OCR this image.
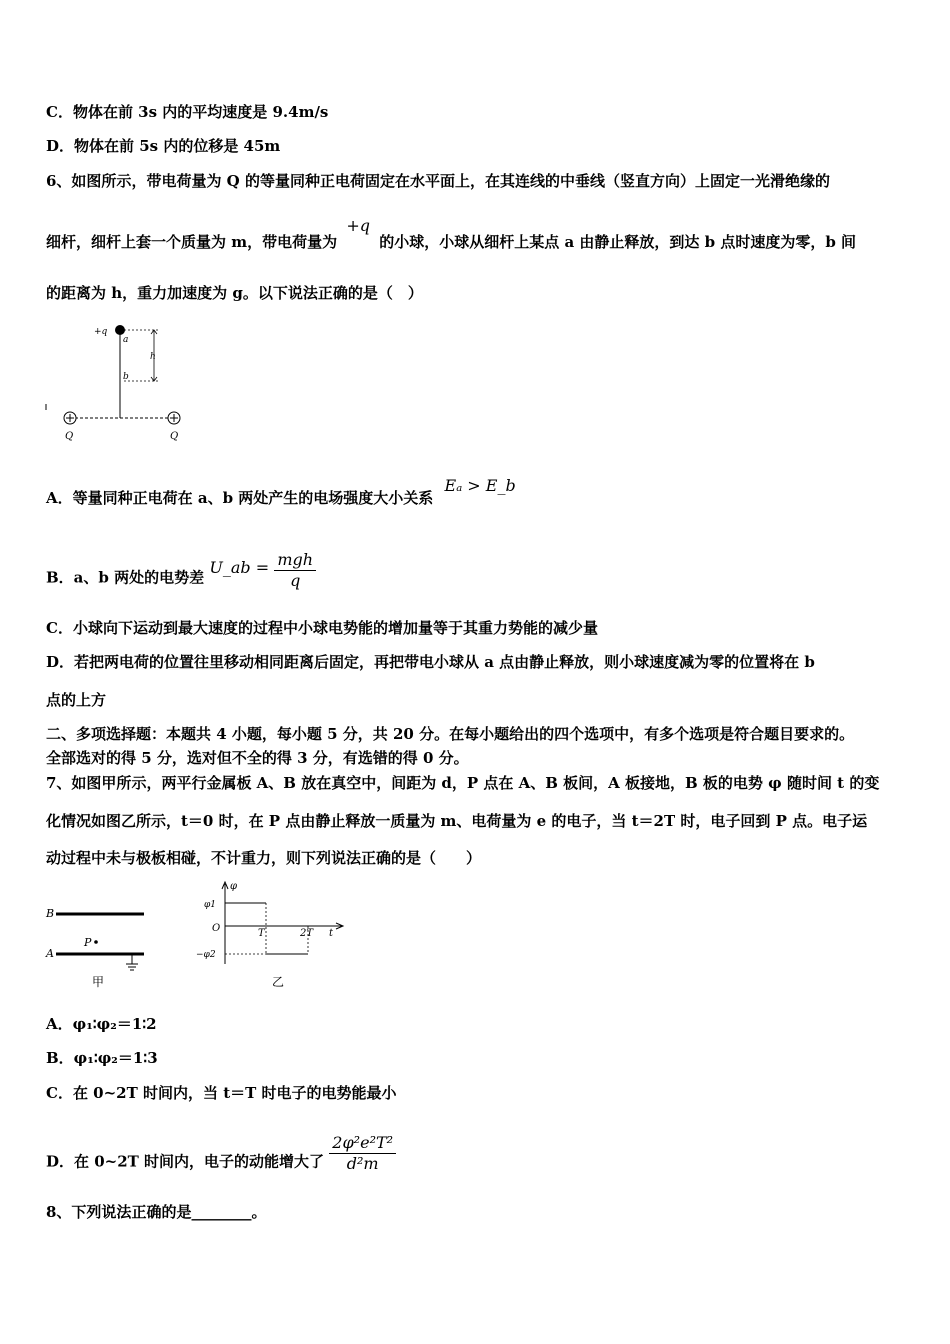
C．物体在前 3s 内的平均速度是 9.4m/s
D．物体在前 5s 内的位移是 45m
6、如图所示，带电荷量为 Q 的等量同种正电荷固定在水平面上，在其连线的中垂线（竖直方向）上固定一光滑绝缘的
细杆，细杆上套一个质量为 m，带电荷量为 +q 的小球，小球从细杆上某点 a 由静止释放，到达 b 点时速度为零，b 间
的距离为 h，重力加速度为 g。以下说法正确的是（　）
+q
a
b
h
Q	Q
A．等量同种正电荷在 a、b 两处产生的电场强度大小关系 Eₐ > E_b
B．a、b 两处的电势差 U_ab = $\frac{\text{mgh}}{q}$
C．小球向下运动到最大速度的过程中小球电势能的增加量等于其重力势能的减少量
D．若把两电荷的位置往里移动相同距离后固定，再把带电小球从 a 点由静止释放，则小球速度减为零的位置将在 b
点的上方
二、多项选择题：本题共 4 小题，每小题 5 分，共 20 分。在每小题给出的四个选项中，有多个选项是符合题目要求的。
全部选对的得 5 分，选对但不全的得 3 分，有选错的得 0 分。
7、如图甲所示，两平行金属板 A、B 放在真空中，间距为 d，P 点在 A、B 板间，A 板接地，B 板的电势 φ 随时间 t 的变
化情况如图乙所示，t＝0 时，在 P 点由静止释放一质量为 m、电荷量为 e 的电子，当 t＝2T 时，电子回到 P 点。电子运
动过程中未与极板相碰，不计重力，则下列说法正确的是（　　）
B
P
A
甲
φ
φ1
O
−φ2
T	2T t
乙
A．φ₁∶φ₂＝1∶2
B．φ₁∶φ₂＝1∶3
C．在 0~2T 时间内，当 t＝T 时电子的电势能最小
D．在 0~2T 时间内，电子的动能增大了 $\frac{\text{2φ²e²T²}}{\text{d²m}}$
8、下列说法正确的是________。
